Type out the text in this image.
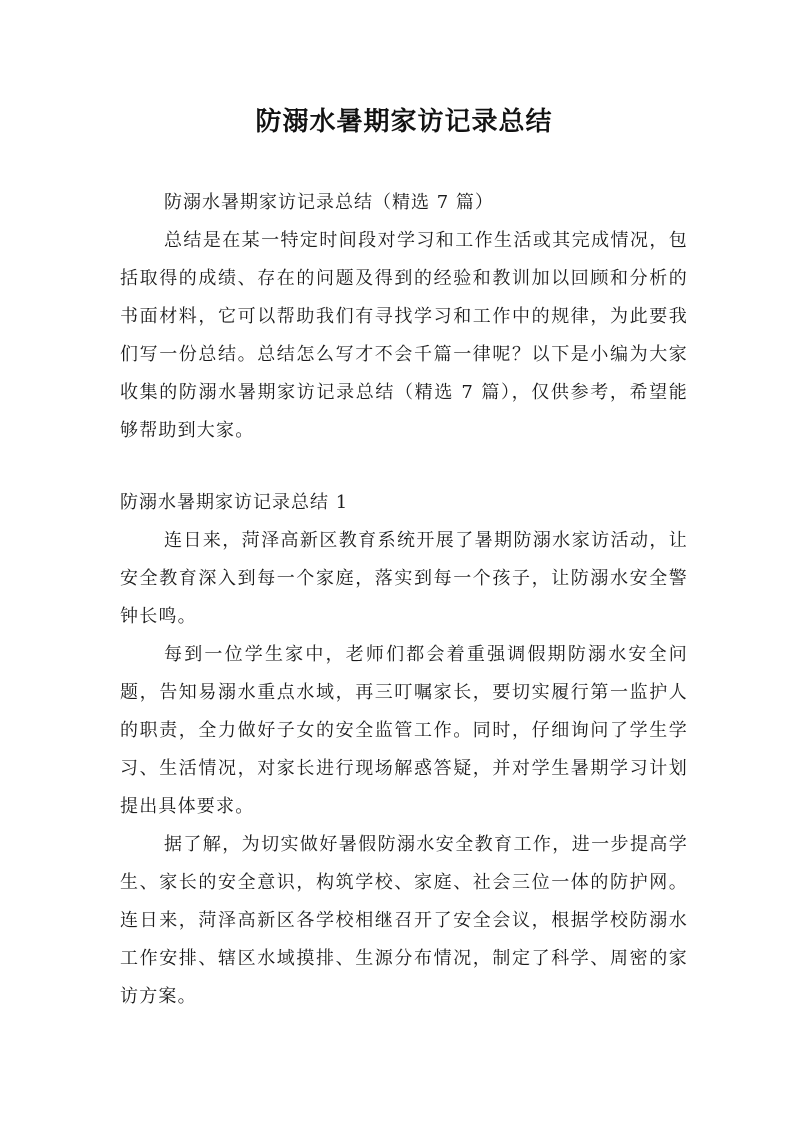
防溺水暑期家访记录总结

防溺水暑期家访记录总结（精选 7 篇）

总结是在某一特定时间段对学习和工作生活或其完成情况，包括取得的成绩、存在的问题及得到的经验和教训加以回顾和分析的书面材料，它可以帮助我们有寻找学习和工作中的规律，为此要我们写一份总结。总结怎么写才不会千篇一律呢？以下是小编为大家收集的防溺水暑期家访记录总结（精选 7 篇），仅供参考，希望能够帮助到大家。

防溺水暑期家访记录总结 1

连日来，菏泽高新区教育系统开展了暑期防溺水家访活动，让安全教育深入到每一个家庭，落实到每一个孩子，让防溺水安全警钟长鸣。

每到一位学生家中，老师们都会着重强调假期防溺水安全问题，告知易溺水重点水域，再三叮嘱家长，要切实履行第一监护人的职责，全力做好子女的安全监管工作。同时，仔细询问了学生学习、生活情况，对家长进行现场解惑答疑，并对学生暑期学习计划提出具体要求。

据了解，为切实做好暑假防溺水安全教育工作，进一步提高学生、家长的安全意识，构筑学校、家庭、社会三位一体的防护网。连日来，菏泽高新区各学校相继召开了安全会议，根据学校防溺水工作安排、辖区水域摸排、生源分布情况，制定了科学、周密的家访方案。
